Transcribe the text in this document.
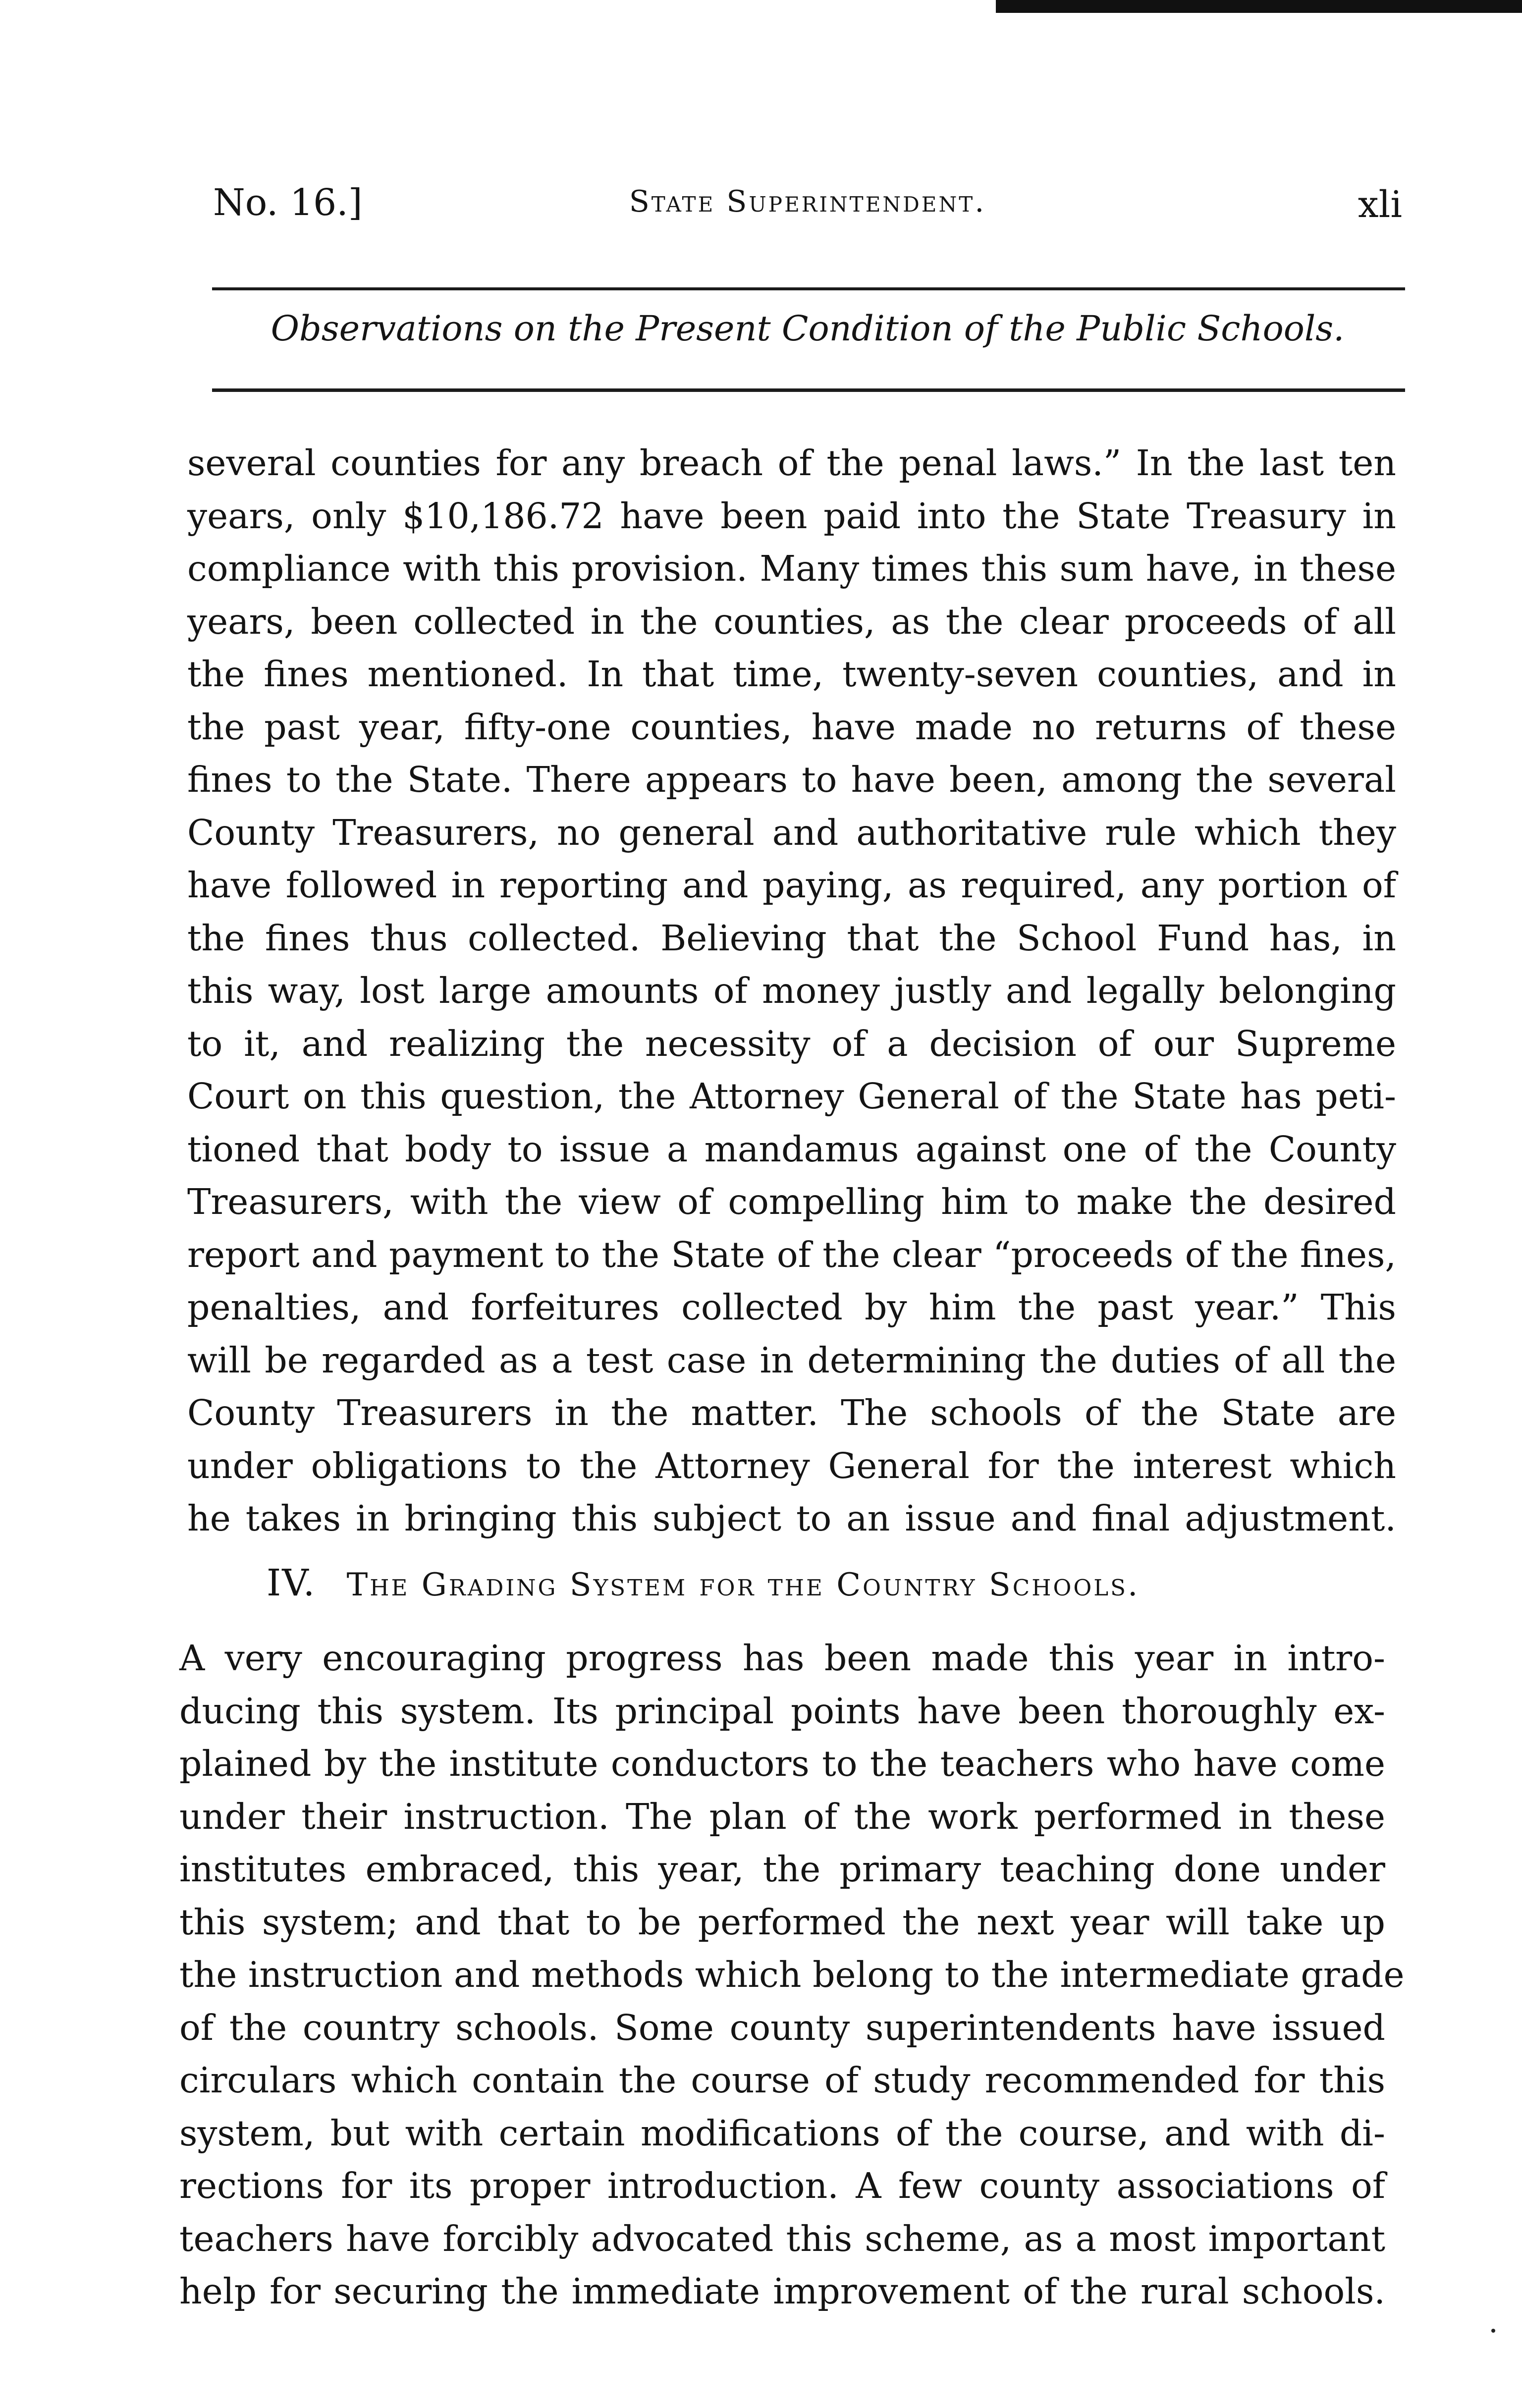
No. 16.]	State Superintendent.	xli
Observations on the Present Condition of the Public Schools.
several counties for any breach of the penal laws.” In the last ten
years, only $10,186.72 have been paid into the State Treasury in
compliance with this provision. Many times this sum have, in these
years, been collected in the counties, as the clear proceeds of all
the fines mentioned. In that time, twenty-seven counties, and in
the past year, fifty-one counties, have made no returns of these
fines to the State. There appears to have been, among the several
County Treasurers, no general and authoritative rule which they
have followed in reporting and paying, as required, any portion of
the fines thus collected. Believing that the School Fund has, in
this way, lost large amounts of money justly and legally belonging
to it, and realizing the necessity of a decision of our Supreme
Court on this question, the Attorney General of the State has peti-
tioned that body to issue a mandamus against one of the County
Treasurers, with the view of compelling him to make the desired
report and payment to the State of the clear “proceeds of the fines,
penalties, and forfeitures collected by him the past year.” This
will be regarded as a test case in determining the duties of all the
County Treasurers in the matter. The schools of the State are
under obligations to the Attorney General for the interest which
he takes in bringing this subject to an issue and final adjustment.
IV. The Grading System for the Country Schools.
A very encouraging progress has been made this year in intro-
ducing this system. Its principal points have been thoroughly ex-
plained by the institute conductors to the teachers who have come
under their instruction. The plan of the work performed in these
institutes embraced, this year, the primary teaching done under
this system; and that to be performed the next year will take up
the instruction and methods which belong to the intermediate grade
of the country schools. Some county superintendents have issued
circulars which contain the course of study recommended for this
system, but with certain modifications of the course, and with di-
rections for its proper introduction. A few county associations of
teachers have forcibly advocated this scheme, as a most important
help for securing the immediate improvement of the rural schools.
